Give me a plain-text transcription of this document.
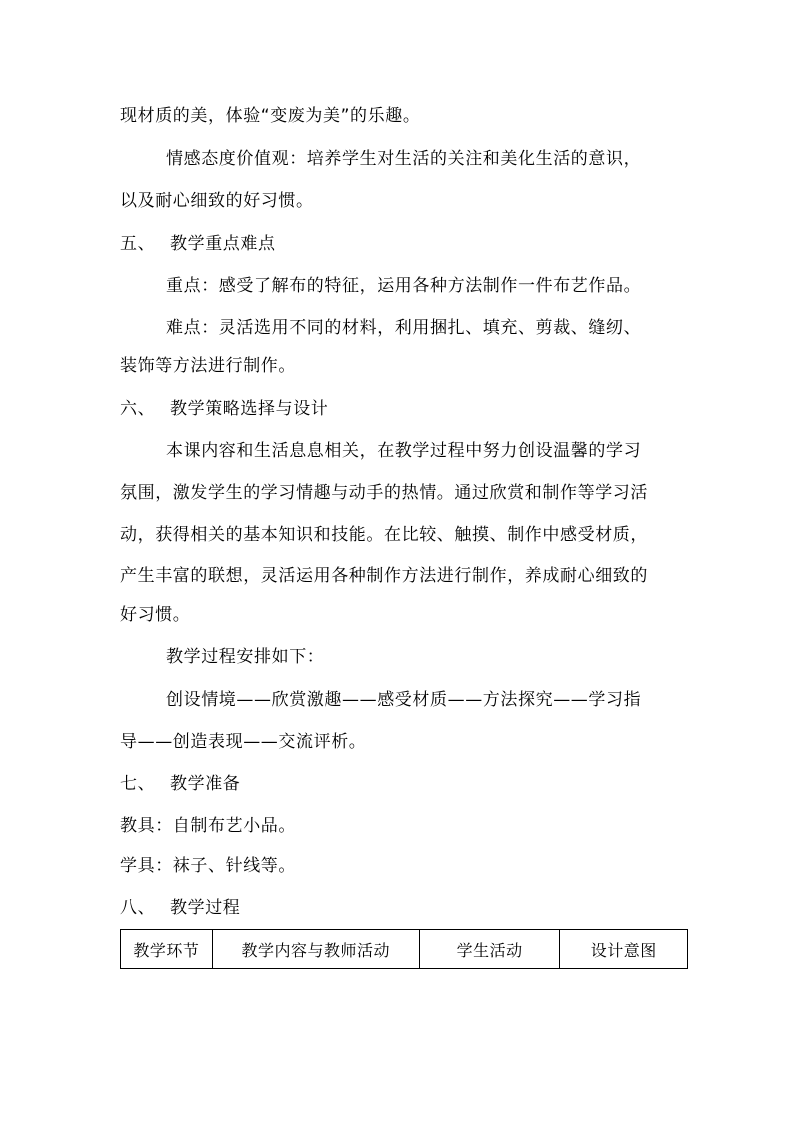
现材质的美，体验“变废为美”的乐趣。
情感态度价值观：培养学生对生活的关注和美化生活的意识，
以及耐心细致的好习惯。
五、 教学重点难点
重点：感受了解布的特征，运用各种方法制作一件布艺作品。
难点：灵活选用不同的材料，利用捆扎、填充、剪裁、缝纫、
装饰等方法进行制作。
六、 教学策略选择与设计
本课内容和生活息息相关，在教学过程中努力创设温馨的学习
氛围，激发学生的学习情趣与动手的热情。通过欣赏和制作等学习活
动，获得相关的基本知识和技能。在比较、触摸、制作中感受材质，
产生丰富的联想，灵活运用各种制作方法进行制作，养成耐心细致的
好习惯。
教学过程安排如下：
创设情境——欣赏激趣——感受材质——方法探究——学习指
导——创造表现——交流评析。
七、 教学准备
教具：自制布艺小品。
学具：袜子、针线等。
八、 教学过程
教学环节	教学内容与教师活动	学生活动	设计意图
